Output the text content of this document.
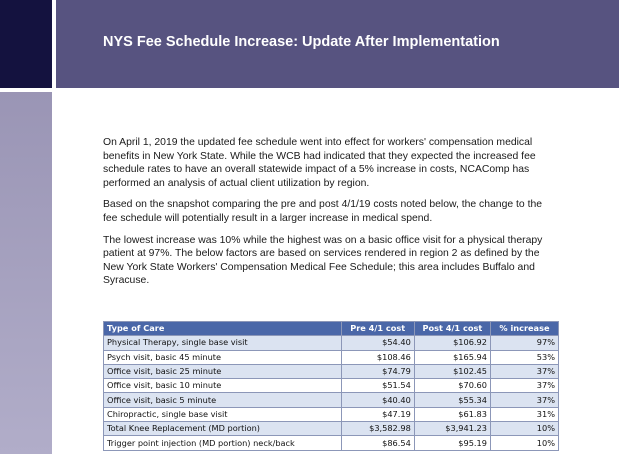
NYS Fee Schedule Increase: Update After Implementation

On April 1, 2019 the updated fee schedule went into effect for workers' compensation medical benefits in New York State. While the WCB had indicated that they expected the increased fee schedule rates to have an overall statewide impact of a 5% increase in costs, NCAComp has performed an analysis of actual client utilization by region.

Based on the snapshot comparing the pre and post 4/1/19 costs noted below, the change to the fee schedule will potentially result in a larger increase in medical spend.

The lowest increase was 10% while the highest was on a basic office visit for a physical therapy patient at 97%. The below factors are based on services rendered in region 2 as defined by the New York State Workers' Compensation Medical Fee Schedule; this area includes Buffalo and Syracuse.

Type of Care	Pre 4/1 cost	Post 4/1 cost	% increase
Physical Therapy, single base visit	$54.40	$106.92	97%
Psych visit, basic 45 minute	$108.46	$165.94	53%
Office visit, basic 25 minute	$74.79	$102.45	37%
Office visit, basic 10 minute	$51.54	$70.60	37%
Office visit, basic 5 minute	$40.40	$55.34	37%
Chiropractic, single base visit	$47.19	$61.83	31%
Total Knee Replacement (MD portion)	$3,582.98	$3,941.23	10%
Trigger point injection (MD portion) neck/back	$86.54	$95.19	10%
